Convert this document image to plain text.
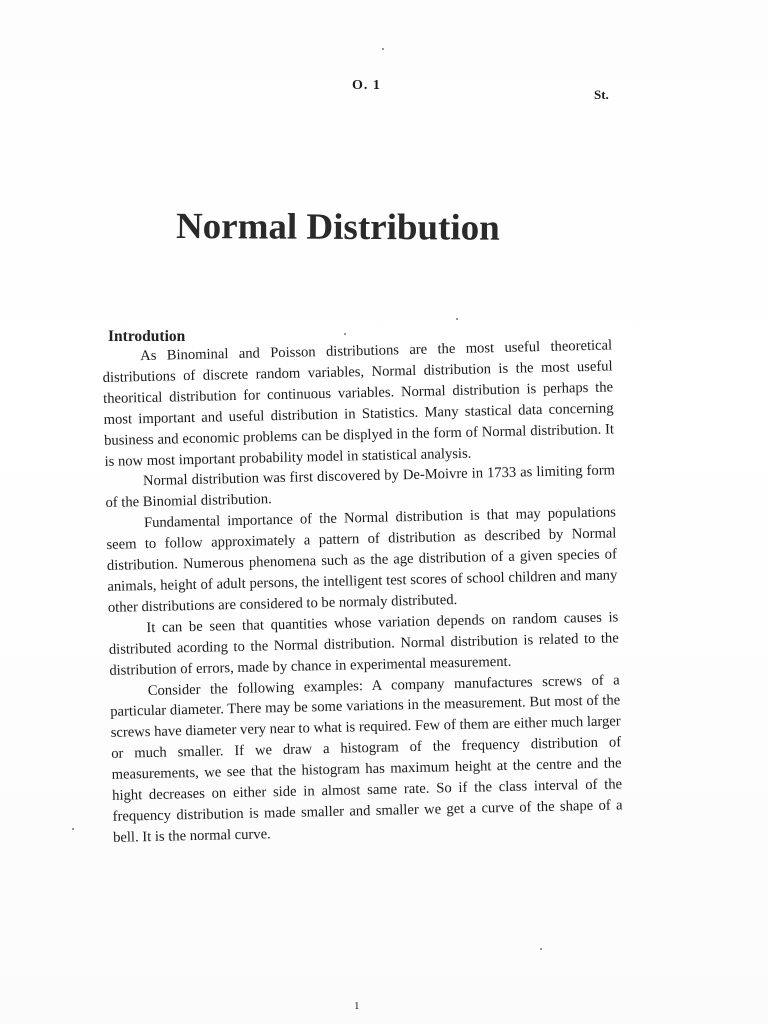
O. 1
St.
Normal Distribution
Introdution

As Binominal and Poisson distributions are the most useful theoretical distributions of discrete random variables, Normal distribution is the most useful theoritical distribution for continuous variables. Normal distribution is perhaps the most important and useful distribution in Statistics. Many stastical data concerning business and economic problems can be displyed in the form of Normal distribution. It is now most important probability model in statistical analysis.

Normal distribution was first discovered by De-Moivre in 1733 as limiting form of the Binomial distribution.

Fundamental importance of the Normal distribution is that may populations seem to follow approximately a pattern of distribution as described by Normal distribution. Numerous phenomena such as the age distribution of a given species of animals, height of adult persons, the intelligent test scores of school children and many other distributions are considered to be normaly distributed.

It can be seen that quantities whose variation depends on random causes is distributed acording to the Normal distribution. Normal distribution is related to the distribution of errors, made by chance in experimental measurement.

Consider the following examples: A company manufactures screws of a particular diameter. There may be some variations in the measurement. But most of the screws have diameter very near to what is required. Few of them are either much larger or much smaller. If we draw a histogram of the frequency distribution of measurements, we see that the histogram has maximum height at the centre and the hight decreases on either side in almost same rate. So if the class interval of the frequency distribution is made smaller and smaller we get a curve of the shape of a bell. It is the normal curve.

1
